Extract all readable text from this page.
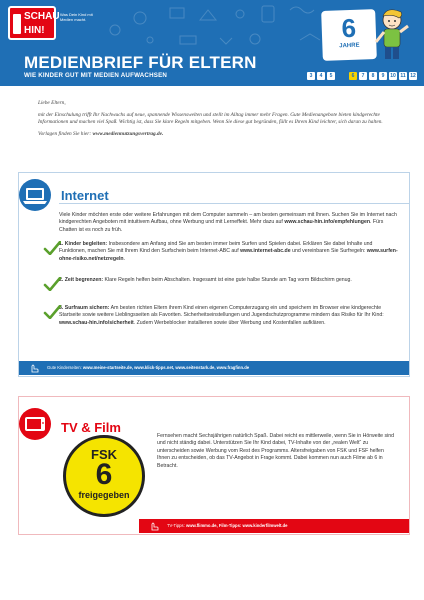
SCHAU
HIN!
Was Dein Kind mit Medien macht.
MEDIENBRIEF FÜR ELTERN
WIE KINDER GUT MIT MEDIEN AUFWACHSEN
6
JAHRE
3	4	5	6	7	8	9	10 11 12

Liebe Eltern,

mit der Einschulung trifft Ihr Nachwuchs auf neue, spannende Wissenswelten und stellt im Alltag immer mehr Fragen. Gute Medienangebote bieten kindgerechte Informationen und machen viel Spaß. Wichtig ist, dass Sie klare Regeln mitgeben. Wenn Sie diese gut begründen, fällt es Ihrem Kind leichter, sich daran zu halten.

Vorlagen finden Sie hier: www.mediennutzungsvertrag.de.

Internet
Viele Kinder möchten erste oder weitere Erfahrungen mit dem Computer sammeln – am besten gemeinsam mit Ihnen. Suchen Sie im Internet nach kindgerechten Angeboten mit intuitivem Aufbau, ohne Werbung und mit Lerneffekt. Mehr dazu auf www.schau-hin.info/empfehlungen. Fürs Chatten ist es noch zu früh.
1. Kinder begleiten: Insbesondere am Anfang sind Sie am besten immer beim Surfen und Spielen dabei. Erklären Sie dabei Inhalte und Funktionen, machen Sie mit Ihrem Kind den Surfschein beim Internet-ABC auf www.internet-abc.de und vereinbaren Sie Surfregeln: www.surfen-ohne-risiko.net/netzregeln.
2. Zeit begrenzen: Klare Regeln helfen beim Abschalten. Insgesamt ist eine gute halbe Stunde am Tag vorm Bildschirm genug.
3. Surfraum sichern: Am besten richten Eltern ihrem Kind einen eigenen Computerzugang ein und speichern im Browser eine kindgerechte Startseite sowie weitere Lieblingsseiten als Favoriten. Sicherheitseinstellungen und Jugendschutzprogramme mindern das Risiko für Ihr Kind: www.schau-hin.info/sicherheit. Zudem Werbeblocker installieren sowie über Werbung und Kostenfallen aufklären.
Gute Kinderseiten: www.meine-startseite.de, www.klick-tipps.net, www.seitenstark.de, www.fragfinn.de
TV & Film
FSK
6
freigegeben
Fernsehen macht Sechsjährigen natürlich Spaß. Dabei reicht es mittlerweile, wenn Sie in Hörweite sind und nicht ständig dabei. Unterstützen Sie Ihr Kind dabei, TV-Inhalte von der „realen Welt“ zu unterscheiden sowie Werbung vom Rest des Programms. Altersfreigaben von FSK und FSF helfen Ihnen zu entscheiden, ob das TV-Angebot in Frage kommt. Dabei kommen nun auch Filme ab 6 in Betracht.
TV-Tipps: www.flimmo.de, Film-Tipps: www.kinderfilmwelt.de
